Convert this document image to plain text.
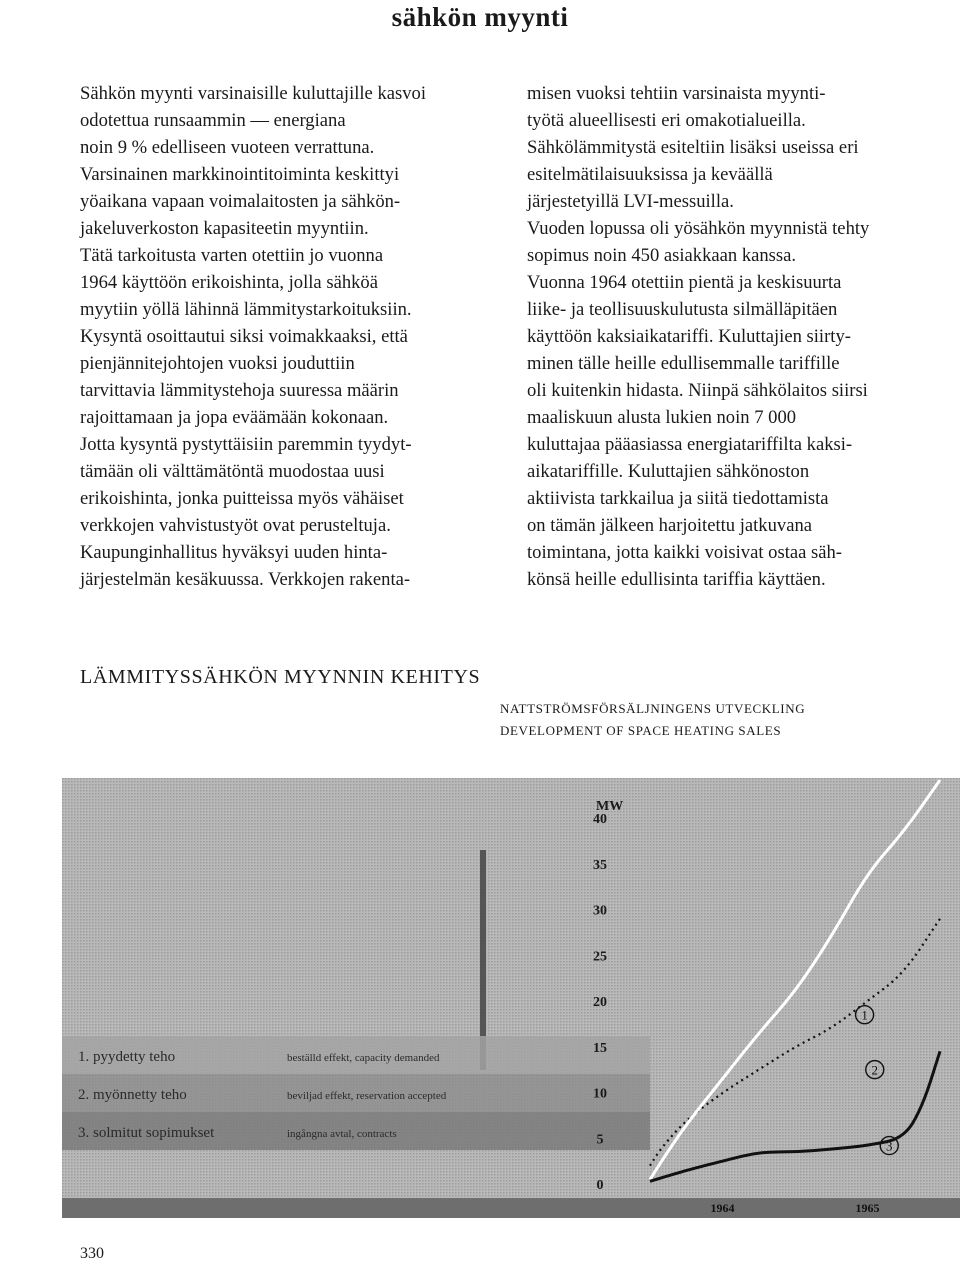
sähkön myynti

Sähkön myynti varsinaisille kuluttajille kasvoi

odotettua runsaammin — energiana

noin 9 % edelliseen vuoteen verrattuna.

Varsinainen markkinointitoiminta keskittyi

yöaikana vapaan voimalaitosten ja sähkön-

jakeluverkoston kapasiteetin myyntiin.

Tätä tarkoitusta varten otettiin jo vuonna

1964 käyttöön erikoishinta, jolla sähköä

myytiin yöllä lähinnä lämmitystarkoituksiin.

Kysyntä osoittautui siksi voimakkaaksi, että

pienjännitejohtojen vuoksi jouduttiin

tarvittavia lämmitystehoja suuressa määrin

rajoittamaan ja jopa eväämään kokonaan.

Jotta kysyntä pystyttäisiin paremmin tyydyt-

tämään oli välttämätöntä muodostaa uusi

erikoishinta, jonka puitteissa myös vähäiset

verkkojen vahvistustyöt ovat perusteltuja.

Kaupunginhallitus hyväksyi uuden hinta-

järjestelmän kesäkuussa. Verkkojen rakenta-

misen vuoksi tehtiin varsinaista myynti-

työtä alueellisesti eri omakotialueilla.

Sähkölämmitystä esiteltiin lisäksi useissa eri

esitelmätilaisuuksissa ja keväällä

järjestetyillä LVI-messuilla.

Vuoden lopussa oli yösähkön myynnistä tehty

sopimus noin 450 asiakkaan kanssa.

Vuonna 1964 otettiin pientä ja keskisuurta

liike- ja teollisuuskulutusta silmälläpitäen

käyttöön kaksiaikatariffi. Kuluttajien siirty-

minen tälle heille edullisemmalle tariffille

oli kuitenkin hidasta. Niinpä sähkölaitos siirsi

maaliskuun alusta lukien noin 7 000

kuluttajaa pääasiassa energiatariffilta kaksi-

aikatariffille. Kuluttajien sähkönoston

aktiivista tarkkailua ja siitä tiedottamista

on tämän jälkeen harjoitettu jatkuvana

toimintana, jotta kaikki voisivat ostaa säh-

könsä heille edullisinta tariffia käyttäen.

LÄMMITYSSÄHKÖN MYYNNIN KEHITYS
NATTSTRÖMSFÖRSÄLJNINGENS UTVECKLING
DEVELOPMENT OF SPACE HEATING SALES
1. pyydetty teho	beställd effekt, capacity demanded
2. myönnetty teho	beviljad effekt, reservation accepted
3. solmitut sopimukset	ingångna avtal, contracts
MW
0
5
10
15
20
25
30
35
40
1964	1965
1
2
3
330
